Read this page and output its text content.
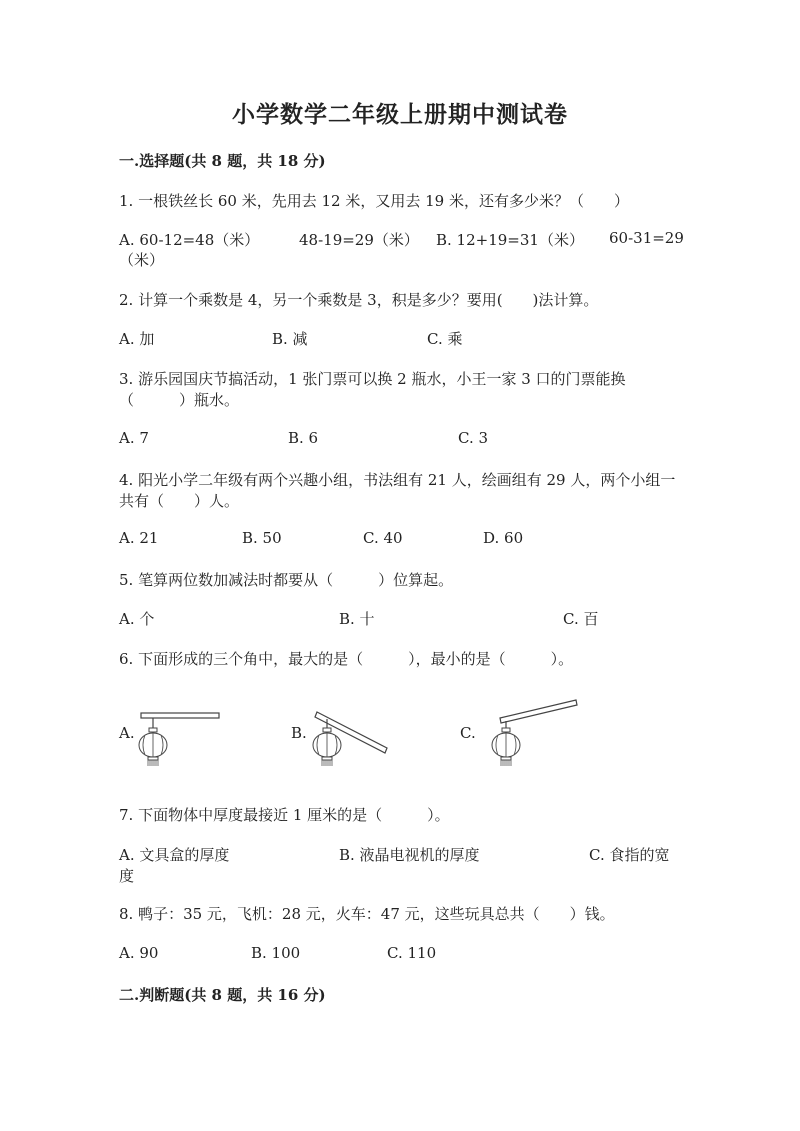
小学数学二年级上册期中测试卷
一.选择题(共 8 题，共 18 分)
1. 一根铁丝长 60 米，先用去 12 米，又用去 19 米，还有多少米？（　　）
A. 60-12=48（米）	48-19=29（米） B. 12+19=31（米） 60-31=29
（米）
2. 计算一个乘数是 4，另一个乘数是 3，积是多少？要用(　　)法计算。
A. 加	B. 减	C. 乘
3. 游乐园国庆节搞活动，1 张门票可以换 2 瓶水，小王一家 3 口的门票能换
（　　　）瓶水。
A. 7	B. 6	C. 3
4. 阳光小学二年级有两个兴趣小组，书法组有 21 人，绘画组有 29 人，两个小组一
共有（　　）人。
A. 21	B. 50	C. 40	D. 60
5. 笔算两位数加减法时都要从（　　　）位算起。
A. 个	B. 十	C. 百
6. 下面形成的三个角中，最大的是（　　　），最小的是（　　　）。
A.	B.	C.
7. 下面物体中厚度最接近 1 厘米的是（　　　）。
A. 文具盒的厚度	B. 液晶电视机的厚度	C. 食指的宽
度
8. 鸭子：35 元，飞机：28 元，火车：47 元，这些玩具总共（　　）钱。
A. 90	B. 100	C. 110
二.判断题(共 8 题，共 16 分)
